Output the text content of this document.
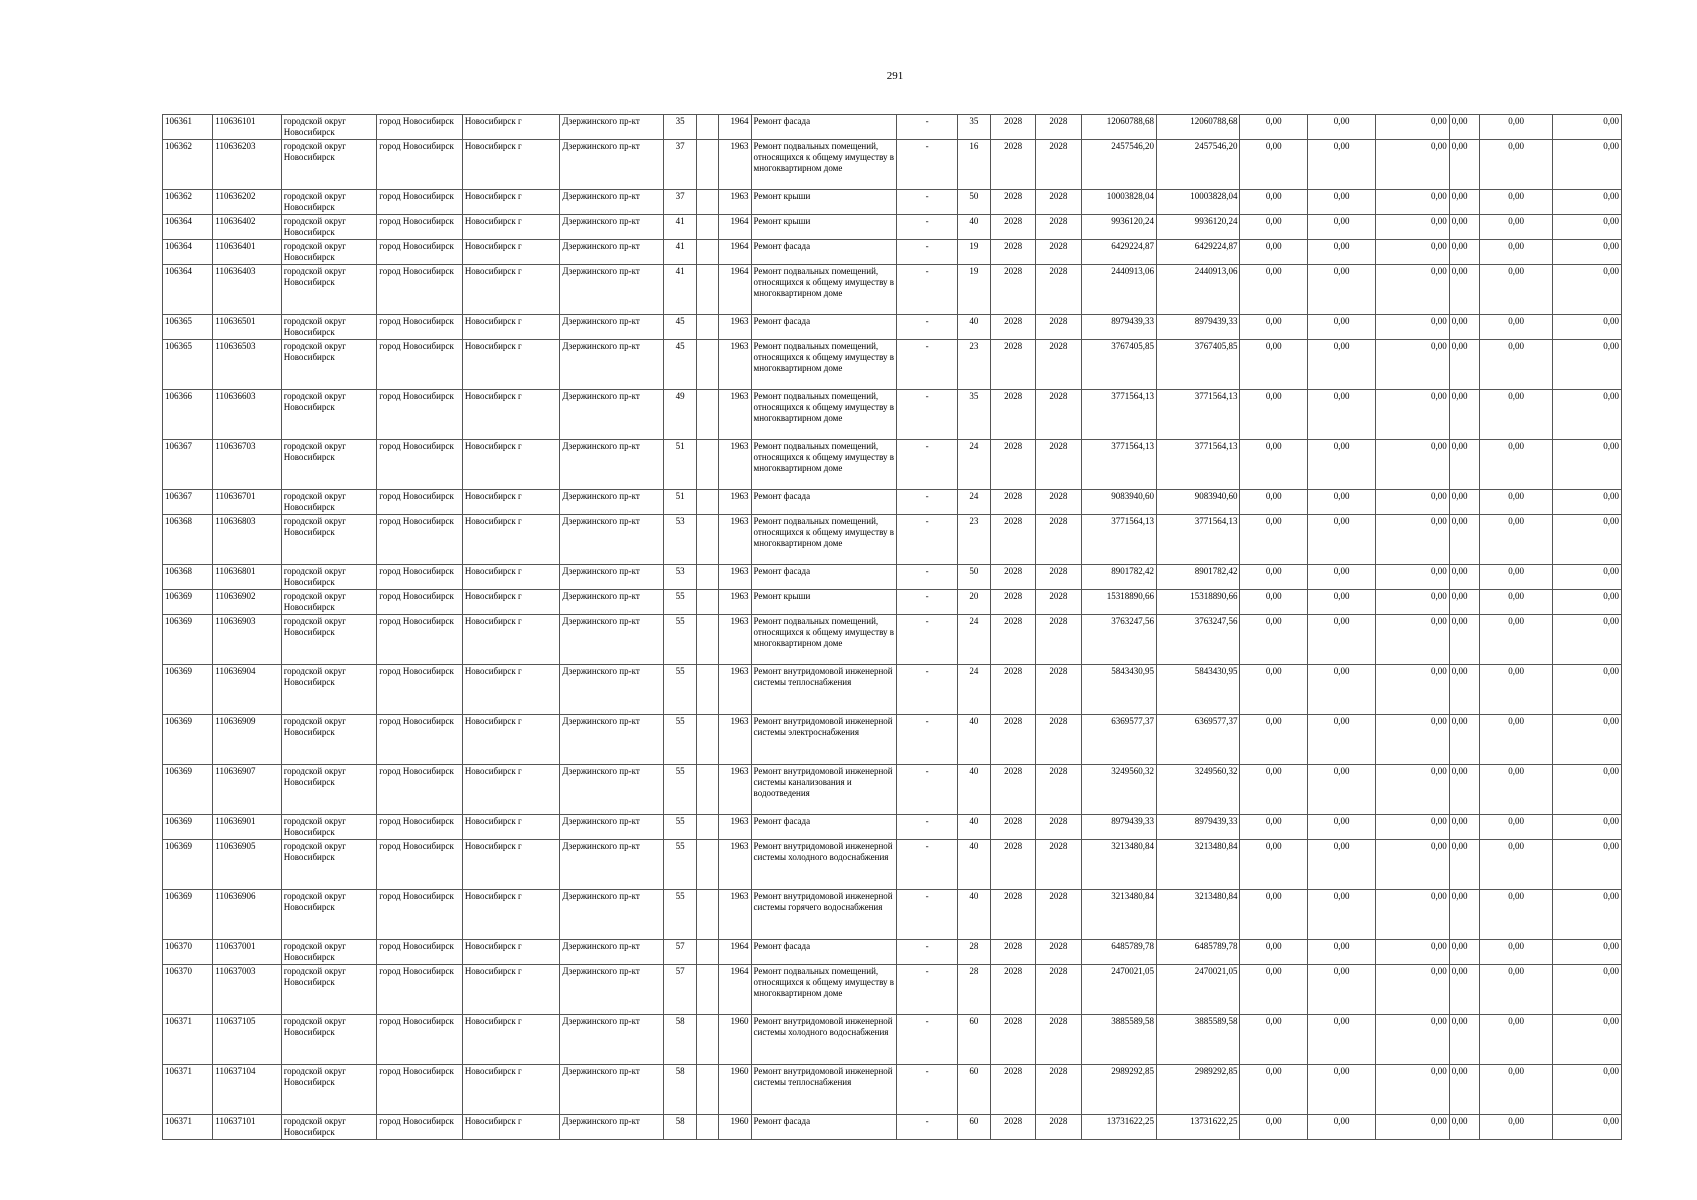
291
106361	110636101	городской округ Новосибирск	город Новосибирск	Новосибирск г	Дзержинского пр-кт	35		1964	Ремонт фасада	-	35	2028	2028	12060788,68	12060788,68	0,00	0,00	0,00	0,00	0,00	0,00
106362	110636203	городской округ Новосибирск	город Новосибирск	Новосибирск г	Дзержинского пр-кт	37		1963	Ремонт подвальных помещений, относящихся к общему имуществу в многоквартирном доме	-	16	2028	2028	2457546,20	2457546,20	0,00	0,00	0,00	0,00	0,00	0,00
106362	110636202	городской округ Новосибирск	город Новосибирск	Новосибирск г	Дзержинского пр-кт	37		1963	Ремонт крыши	-	50	2028	2028	10003828,04	10003828,04	0,00	0,00	0,00	0,00	0,00	0,00
106364	110636402	городской округ Новосибирск	город Новосибирск	Новосибирск г	Дзержинского пр-кт	41		1964	Ремонт крыши	-	40	2028	2028	9936120,24	9936120,24	0,00	0,00	0,00	0,00	0,00	0,00
106364	110636401	городской округ Новосибирск	город Новосибирск	Новосибирск г	Дзержинского пр-кт	41		1964	Ремонт фасада	-	19	2028	2028	6429224,87	6429224,87	0,00	0,00	0,00	0,00	0,00	0,00
106364	110636403	городской округ Новосибирск	город Новосибирск	Новосибирск г	Дзержинского пр-кт	41		1964	Ремонт подвальных помещений, относящихся к общему имуществу в многоквартирном доме	-	19	2028	2028	2440913,06	2440913,06	0,00	0,00	0,00	0,00	0,00	0,00
106365	110636501	городской округ Новосибирск	город Новосибирск	Новосибирск г	Дзержинского пр-кт	45		1963	Ремонт фасада	-	40	2028	2028	8979439,33	8979439,33	0,00	0,00	0,00	0,00	0,00	0,00
106365	110636503	городской округ Новосибирск	город Новосибирск	Новосибирск г	Дзержинского пр-кт	45		1963	Ремонт подвальных помещений, относящихся к общему имуществу в многоквартирном доме	-	23	2028	2028	3767405,85	3767405,85	0,00	0,00	0,00	0,00	0,00	0,00
106366	110636603	городской округ Новосибирск	город Новосибирск	Новосибирск г	Дзержинского пр-кт	49		1963	Ремонт подвальных помещений, относящихся к общему имуществу в многоквартирном доме	-	35	2028	2028	3771564,13	3771564,13	0,00	0,00	0,00	0,00	0,00	0,00
106367	110636703	городской округ Новосибирск	город Новосибирск	Новосибирск г	Дзержинского пр-кт	51		1963	Ремонт подвальных помещений, относящихся к общему имуществу в многоквартирном доме	-	24	2028	2028	3771564,13	3771564,13	0,00	0,00	0,00	0,00	0,00	0,00
106367	110636701	городской округ Новосибирск	город Новосибирск	Новосибирск г	Дзержинского пр-кт	51		1963	Ремонт фасада	-	24	2028	2028	9083940,60	9083940,60	0,00	0,00	0,00	0,00	0,00	0,00
106368	110636803	городской округ Новосибирск	город Новосибирск	Новосибирск г	Дзержинского пр-кт	53		1963	Ремонт подвальных помещений, относящихся к общему имуществу в многоквартирном доме	-	23	2028	2028	3771564,13	3771564,13	0,00	0,00	0,00	0,00	0,00	0,00
106368	110636801	городской округ Новосибирск	город Новосибирск	Новосибирск г	Дзержинского пр-кт	53		1963	Ремонт фасада	-	50	2028	2028	8901782,42	8901782,42	0,00	0,00	0,00	0,00	0,00	0,00
106369	110636902	городской округ Новосибирск	город Новосибирск	Новосибирск г	Дзержинского пр-кт	55		1963	Ремонт крыши	-	20	2028	2028	15318890,66	15318890,66	0,00	0,00	0,00	0,00	0,00	0,00
106369	110636903	городской округ Новосибирск	город Новосибирск	Новосибирск г	Дзержинского пр-кт	55		1963	Ремонт подвальных помещений, относящихся к общему имуществу в многоквартирном доме	-	24	2028	2028	3763247,56	3763247,56	0,00	0,00	0,00	0,00	0,00	0,00
106369	110636904	городской округ Новосибирск	город Новосибирск	Новосибирск г	Дзержинского пр-кт	55		1963	Ремонт внутридомовой инженерной системы теплоснабжения	-	24	2028	2028	5843430,95	5843430,95	0,00	0,00	0,00	0,00	0,00	0,00
106369	110636909	городской округ Новосибирск	город Новосибирск	Новосибирск г	Дзержинского пр-кт	55		1963	Ремонт внутридомовой инженерной системы электроснабжения	-	40	2028	2028	6369577,37	6369577,37	0,00	0,00	0,00	0,00	0,00	0,00
106369	110636907	городской округ Новосибирск	город Новосибирск	Новосибирск г	Дзержинского пр-кт	55		1963	Ремонт внутридомовой инженерной системы канализования и водоотведения	-	40	2028	2028	3249560,32	3249560,32	0,00	0,00	0,00	0,00	0,00	0,00
106369	110636901	городской округ Новосибирск	город Новосибирск	Новосибирск г	Дзержинского пр-кт	55		1963	Ремонт фасада	-	40	2028	2028	8979439,33	8979439,33	0,00	0,00	0,00	0,00	0,00	0,00
106369	110636905	городской округ Новосибирск	город Новосибирск	Новосибирск г	Дзержинского пр-кт	55		1963	Ремонт внутридомовой инженерной системы холодного водоснабжения	-	40	2028	2028	3213480,84	3213480,84	0,00	0,00	0,00	0,00	0,00	0,00
106369	110636906	городской округ Новосибирск	город Новосибирск	Новосибирск г	Дзержинского пр-кт	55		1963	Ремонт внутридомовой инженерной системы горячего водоснабжения	-	40	2028	2028	3213480,84	3213480,84	0,00	0,00	0,00	0,00	0,00	0,00
106370	110637001	городской округ Новосибирск	город Новосибирск	Новосибирск г	Дзержинского пр-кт	57		1964	Ремонт фасада	-	28	2028	2028	6485789,78	6485789,78	0,00	0,00	0,00	0,00	0,00	0,00
106370	110637003	городской округ Новосибирск	город Новосибирск	Новосибирск г	Дзержинского пр-кт	57		1964	Ремонт подвальных помещений, относящихся к общему имуществу в многоквартирном доме	-	28	2028	2028	2470021,05	2470021,05	0,00	0,00	0,00	0,00	0,00	0,00
106371	110637105	городской округ Новосибирск	город Новосибирск	Новосибирск г	Дзержинского пр-кт	58		1960	Ремонт внутридомовой инженерной системы холодного водоснабжения	-	60	2028	2028	3885589,58	3885589,58	0,00	0,00	0,00	0,00	0,00	0,00
106371	110637104	городской округ Новосибирск	город Новосибирск	Новосибирск г	Дзержинского пр-кт	58		1960	Ремонт внутридомовой инженерной системы теплоснабжения	-	60	2028	2028	2989292,85	2989292,85	0,00	0,00	0,00	0,00	0,00	0,00
106371	110637101	городской округ Новосибирск	город Новосибирск	Новосибирск г	Дзержинского пр-кт	58		1960	Ремонт фасада	-	60	2028	2028	13731622,25	13731622,25	0,00	0,00	0,00	0,00	0,00	0,00
